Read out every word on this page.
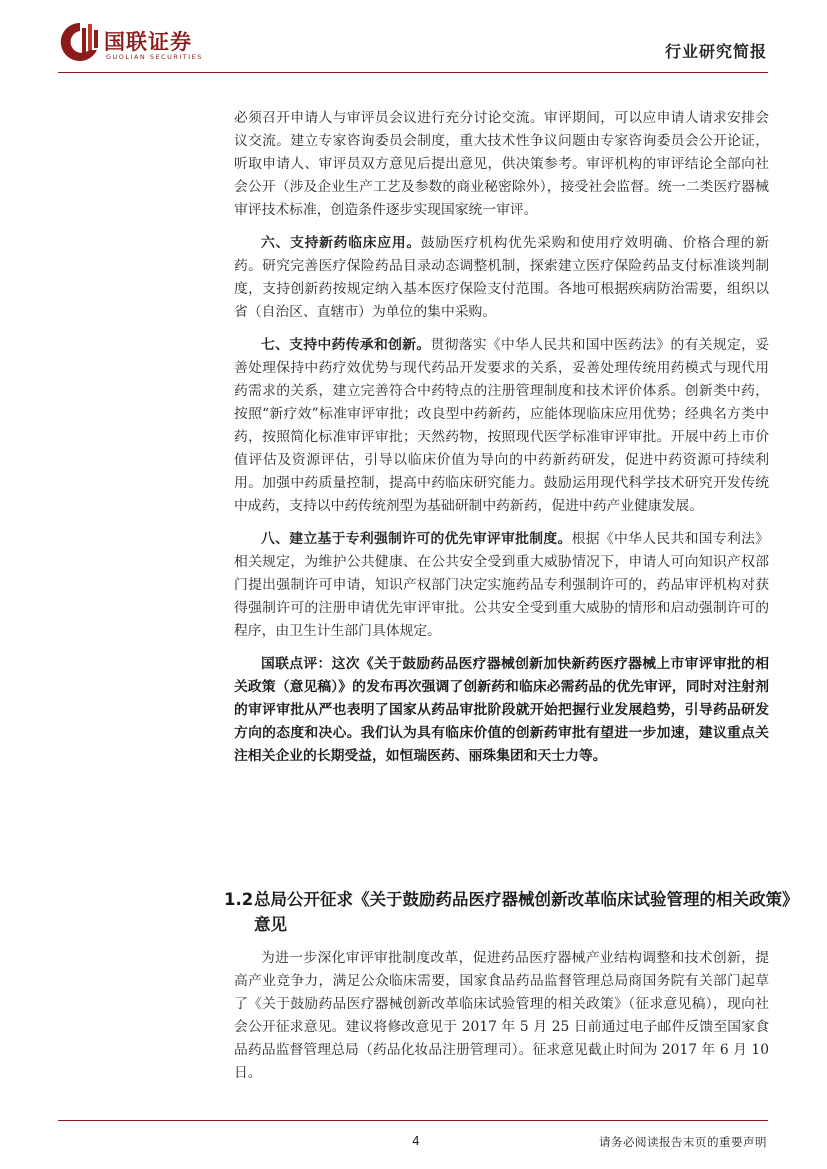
国联证券
GUOLIAN SECURITIES	行业研究简报

必须召开申请人与审评员会议进行充分讨论交流。审评期间，可以应申请人请求安排会议交流。建立专家咨询委员会制度，重大技术性争议问题由专家咨询委员会公开论证，听取申请人、审评员双方意见后提出意见，供决策参考。审评机构的审评结论全部向社会公开（涉及企业生产工艺及参数的商业秘密除外），接受社会监督。统一二类医疗器械审评技术标准，创造条件逐步实现国家统一审评。

六、支持新药临床应用。鼓励医疗机构优先采购和使用疗效明确、价格合理的新药。研究完善医疗保险药品目录动态调整机制，探索建立医疗保险药品支付标准谈判制度，支持创新药按规定纳入基本医疗保险支付范围。各地可根据疾病防治需要，组织以省（自治区、直辖市）为单位的集中采购。

七、支持中药传承和创新。贯彻落实《中华人民共和国中医药法》的有关规定，妥善处理保持中药疗效优势与现代药品开发要求的关系，妥善处理传统用药模式与现代用药需求的关系，建立完善符合中药特点的注册管理制度和技术评价体系。创新类中药，按照“新疗效”标准审评审批；改良型中药新药，应能体现临床应用优势；经典名方类中药，按照简化标准审评审批；天然药物，按照现代医学标准审评审批。开展中药上市价值评估及资源评估，引导以临床价值为导向的中药新药研发，促进中药资源可持续利用。加强中药质量控制，提高中药临床研究能力。鼓励运用现代科学技术研究开发传统中成药，支持以中药传统剂型为基础研制中药新药，促进中药产业健康发展。

八、建立基于专利强制许可的优先审评审批制度。根据《中华人民共和国专利法》相关规定，为维护公共健康、在公共安全受到重大威胁情况下，申请人可向知识产权部门提出强制许可申请，知识产权部门决定实施药品专利强制许可的，药品审评机构对获得强制许可的注册申请优先审评审批。公共安全受到重大威胁的情形和启动强制许可的程序，由卫生计生部门具体规定。

国联点评：这次《关于鼓励药品医疗器械创新加快新药医疗器械上市审评审批的相关政策（意见稿）》的发布再次强调了创新药和临床必需药品的优先审评，同时对注射剂的审评审批从严也表明了国家从药品审批阶段就开始把握行业发展趋势，引导药品研发方向的态度和决心。我们认为具有临床价值的创新药审批有望进一步加速，建议重点关注相关企业的长期受益，如恒瑞医药、丽珠集团和天士力等。

1.2总局公开征求《关于鼓励药品医疗器械创新改革临床试验管理的相关政策》意见

为进一步深化审评审批制度改革，促进药品医疗器械产业结构调整和技术创新，提高产业竞争力，满足公众临床需要，国家食品药品监督管理总局商国务院有关部门起草了《关于鼓励药品医疗器械创新改革临床试验管理的相关政策》（征求意见稿），现向社会公开征求意见。建议将修改意见于 2017 年 5 月 25 日前通过电子邮件反馈至国家食品药品监督管理总局（药品化妆品注册管理司）。征求意见截止时间为 2017 年 6 月 10 日。

4	请务必阅读报告末页的重要声明
